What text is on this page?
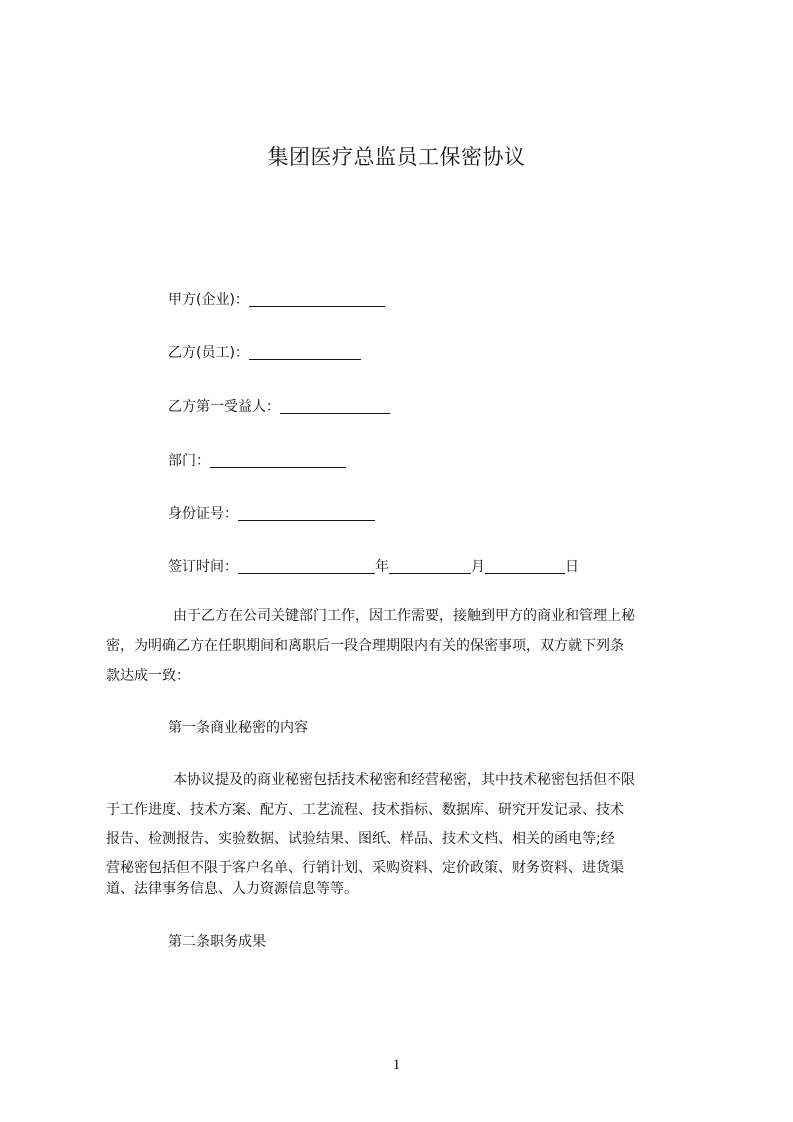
集团医疗总监员工保密协议
甲方(企业)：
乙方(员工)：
乙方第一受益人：
部门：
身份证号：
签订时间：	年	月	日
由于乙方在公司关键部门工作，因工作需要，接触到甲方的商业和管理上秘
密，为明确乙方在任职期间和离职后一段合理期限内有关的保密事项，双方就下列条
款达成一致：
第一条商业秘密的内容
本协议提及的商业秘密包括技术秘密和经营秘密，其中技术秘密包括但不限
于工作进度、技术方案、配方、工艺流程、技术指标、数据库、研究开发记录、技术
报告、检测报告、实验数据、试验结果、图纸、样品、技术文档、相关的函电等;经
营秘密包括但不限于客户名单、行销计划、采购资料、定价政策、财务资料、进货渠
道、法律事务信息、人力资源信息等等。
第二条职务成果
1
